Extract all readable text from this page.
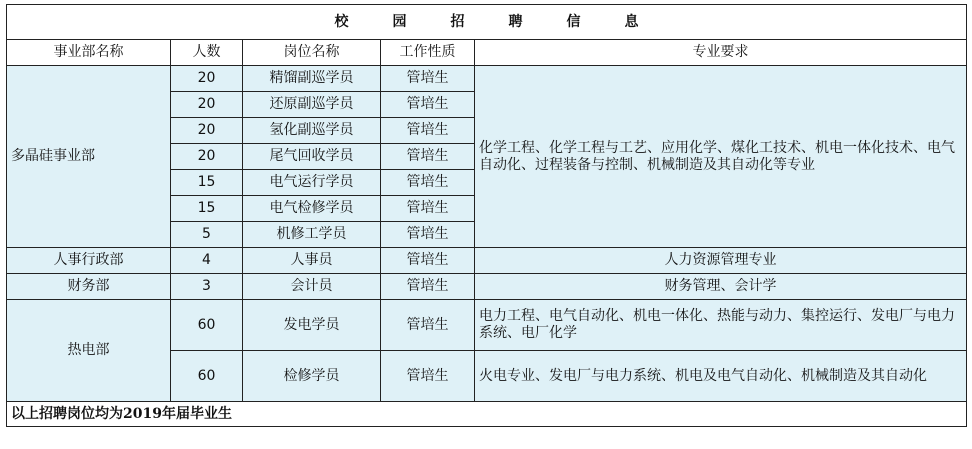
校 园 招 聘 信 息				
事业部名称	人数	岗位名称	工作性质	专业要求
多晶硅事业部	20	精馏副巡学员	管培生	化学工程、化学工程与工艺、应用化学、煤化工技术、机电一体化技术、电气自动化、过程装备与控制、机械制造及其自动化等专业
	20	还原副巡学员	管培生	
	20	氢化副巡学员	管培生	
	20	尾气回收学员	管培生	
	15	电气运行学员	管培生	
	15	电气检修学员	管培生	
	5	机修工学员	管培生	
人事行政部	4	人事员	管培生	人力资源管理专业
财务部	3	会计员	管培生	财务管理、会计学
热电部	60	发电学员	管培生	电力工程、电气自动化、机电一体化、热能与动力、集控运行、发电厂与电力系统、电厂化学
	60	检修学员	管培生	火电专业、发电厂与电力系统、机电及电气自动化、机械制造及其自动化
以上招聘岗位均为2019年届毕业生				
